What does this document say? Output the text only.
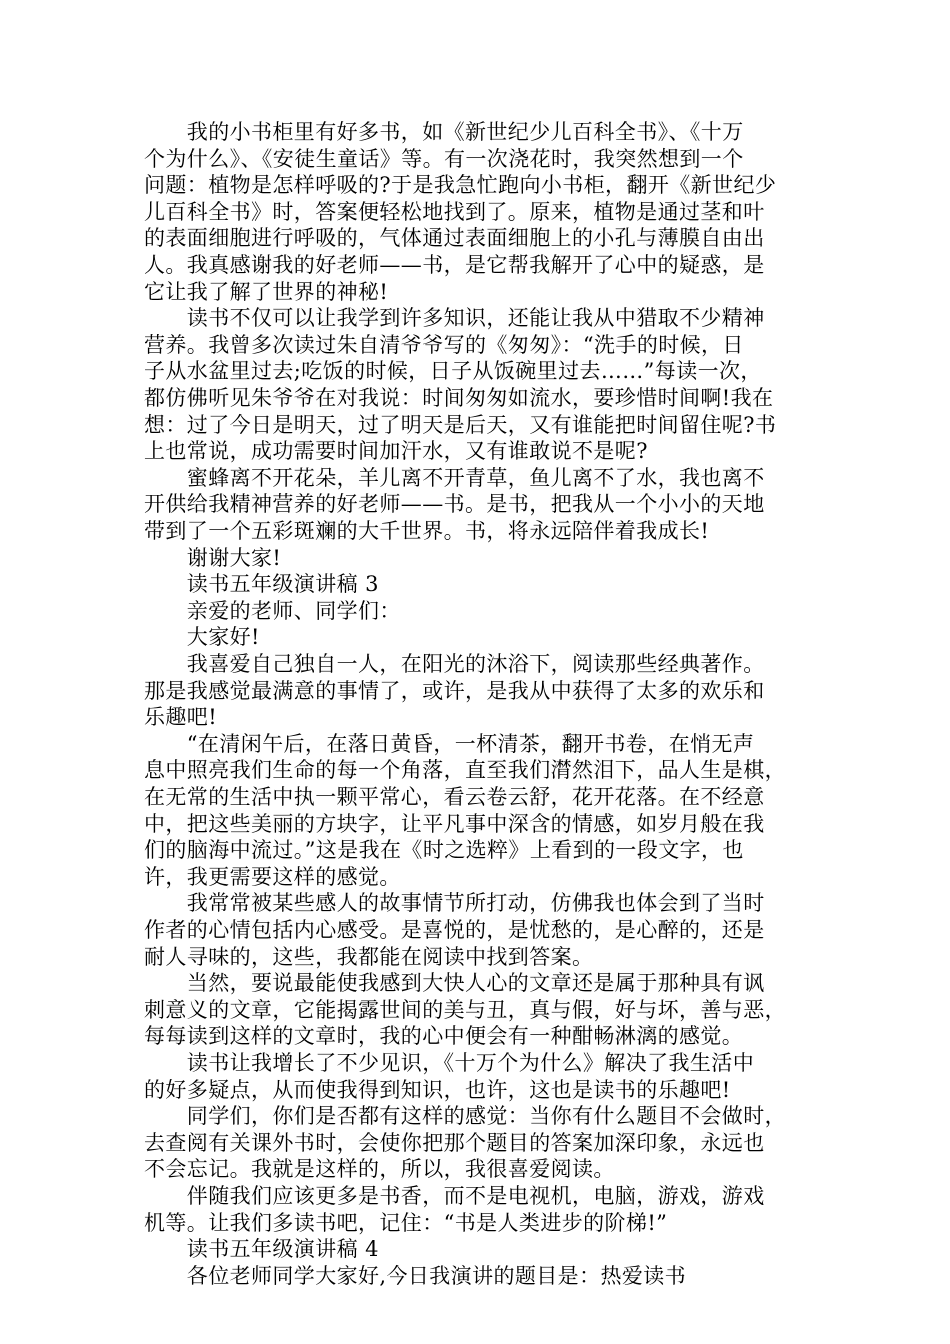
　　我的小书柜里有好多书，如《新世纪少儿百科全书》、《十万
个为什么》、《安徒生童话》等。有一次浇花时，我突然想到一个
问题：植物是怎样呼吸的?于是我急忙跑向小书柜，翻开《新世纪少
儿百科全书》时，答案便轻松地找到了。原来，植物是通过茎和叶
的表面细胞进行呼吸的，气体通过表面细胞上的小孔与薄膜自由出
人。我真感谢我的好老师——书，是它帮我解开了心中的疑惑，是
它让我了解了世界的神秘!
　　读书不仅可以让我学到许多知识，还能让我从中猎取不少精神
营养。我曾多次读过朱自清爷爷写的《匆匆》：“洗手的时候，日
子从水盆里过去;吃饭的时候，日子从饭碗里过去……”每读一次，
都仿佛听见朱爷爷在对我说：时间匆匆如流水，要珍惜时间啊!我在
想：过了今日是明天，过了明天是后天，又有谁能把时间留住呢?书
上也常说，成功需要时间加汗水，又有谁敢说不是呢?
　　蜜蜂离不开花朵，羊儿离不开青草，鱼儿离不了水，我也离不
开供给我精神营养的好老师——书。是书，把我从一个小小的天地
带到了一个五彩斑斓的大千世界。书，将永远陪伴着我成长!
　　谢谢大家!
　　读书五年级演讲稿 3
　　亲爱的老师、同学们：
　　大家好!
　　我喜爱自己独自一人，在阳光的沐浴下，阅读那些经典著作。
那是我感觉最满意的事情了，或许，是我从中获得了太多的欢乐和
乐趣吧!
　　“在清闲午后，在落日黄昏，一杯清茶，翻开书卷，在悄无声
息中照亮我们生命的每一个角落，直至我们潸然泪下，品人生是棋，
在无常的生活中执一颗平常心，看云卷云舒，花开花落。在不经意
中，把这些美丽的方块字，让平凡事中深含的情感，如岁月般在我
们的脑海中流过。”这是我在《时之选粹》上看到的一段文字，也
许，我更需要这样的感觉。
　　我常常被某些感人的故事情节所打动，仿佛我也体会到了当时
作者的心情包括内心感受。是喜悦的，是忧愁的，是心醉的，还是
耐人寻味的，这些，我都能在阅读中找到答案。
　　当然，要说最能使我感到大快人心的文章还是属于那种具有讽
刺意义的文章，它能揭露世间的美与丑，真与假，好与坏，善与恶，
每每读到这样的文章时，我的心中便会有一种酣畅淋漓的感觉。
　　读书让我增长了不少见识，《十万个为什么》解决了我生活中
的好多疑点，从而使我得到知识，也许，这也是读书的乐趣吧!
　　同学们，你们是否都有这样的感觉：当你有什么题目不会做时，
去查阅有关课外书时，会使你把那个题目的答案加深印象，永远也
不会忘记。我就是这样的，所以，我很喜爱阅读。
　　伴随我们应该更多是书香，而不是电视机，电脑，游戏，游戏
机等。让我们多读书吧，记住：“书是人类进步的阶梯!”
　　读书五年级演讲稿 4
　　各位老师同学大家好,今日我演讲的题目是：热爱读书
